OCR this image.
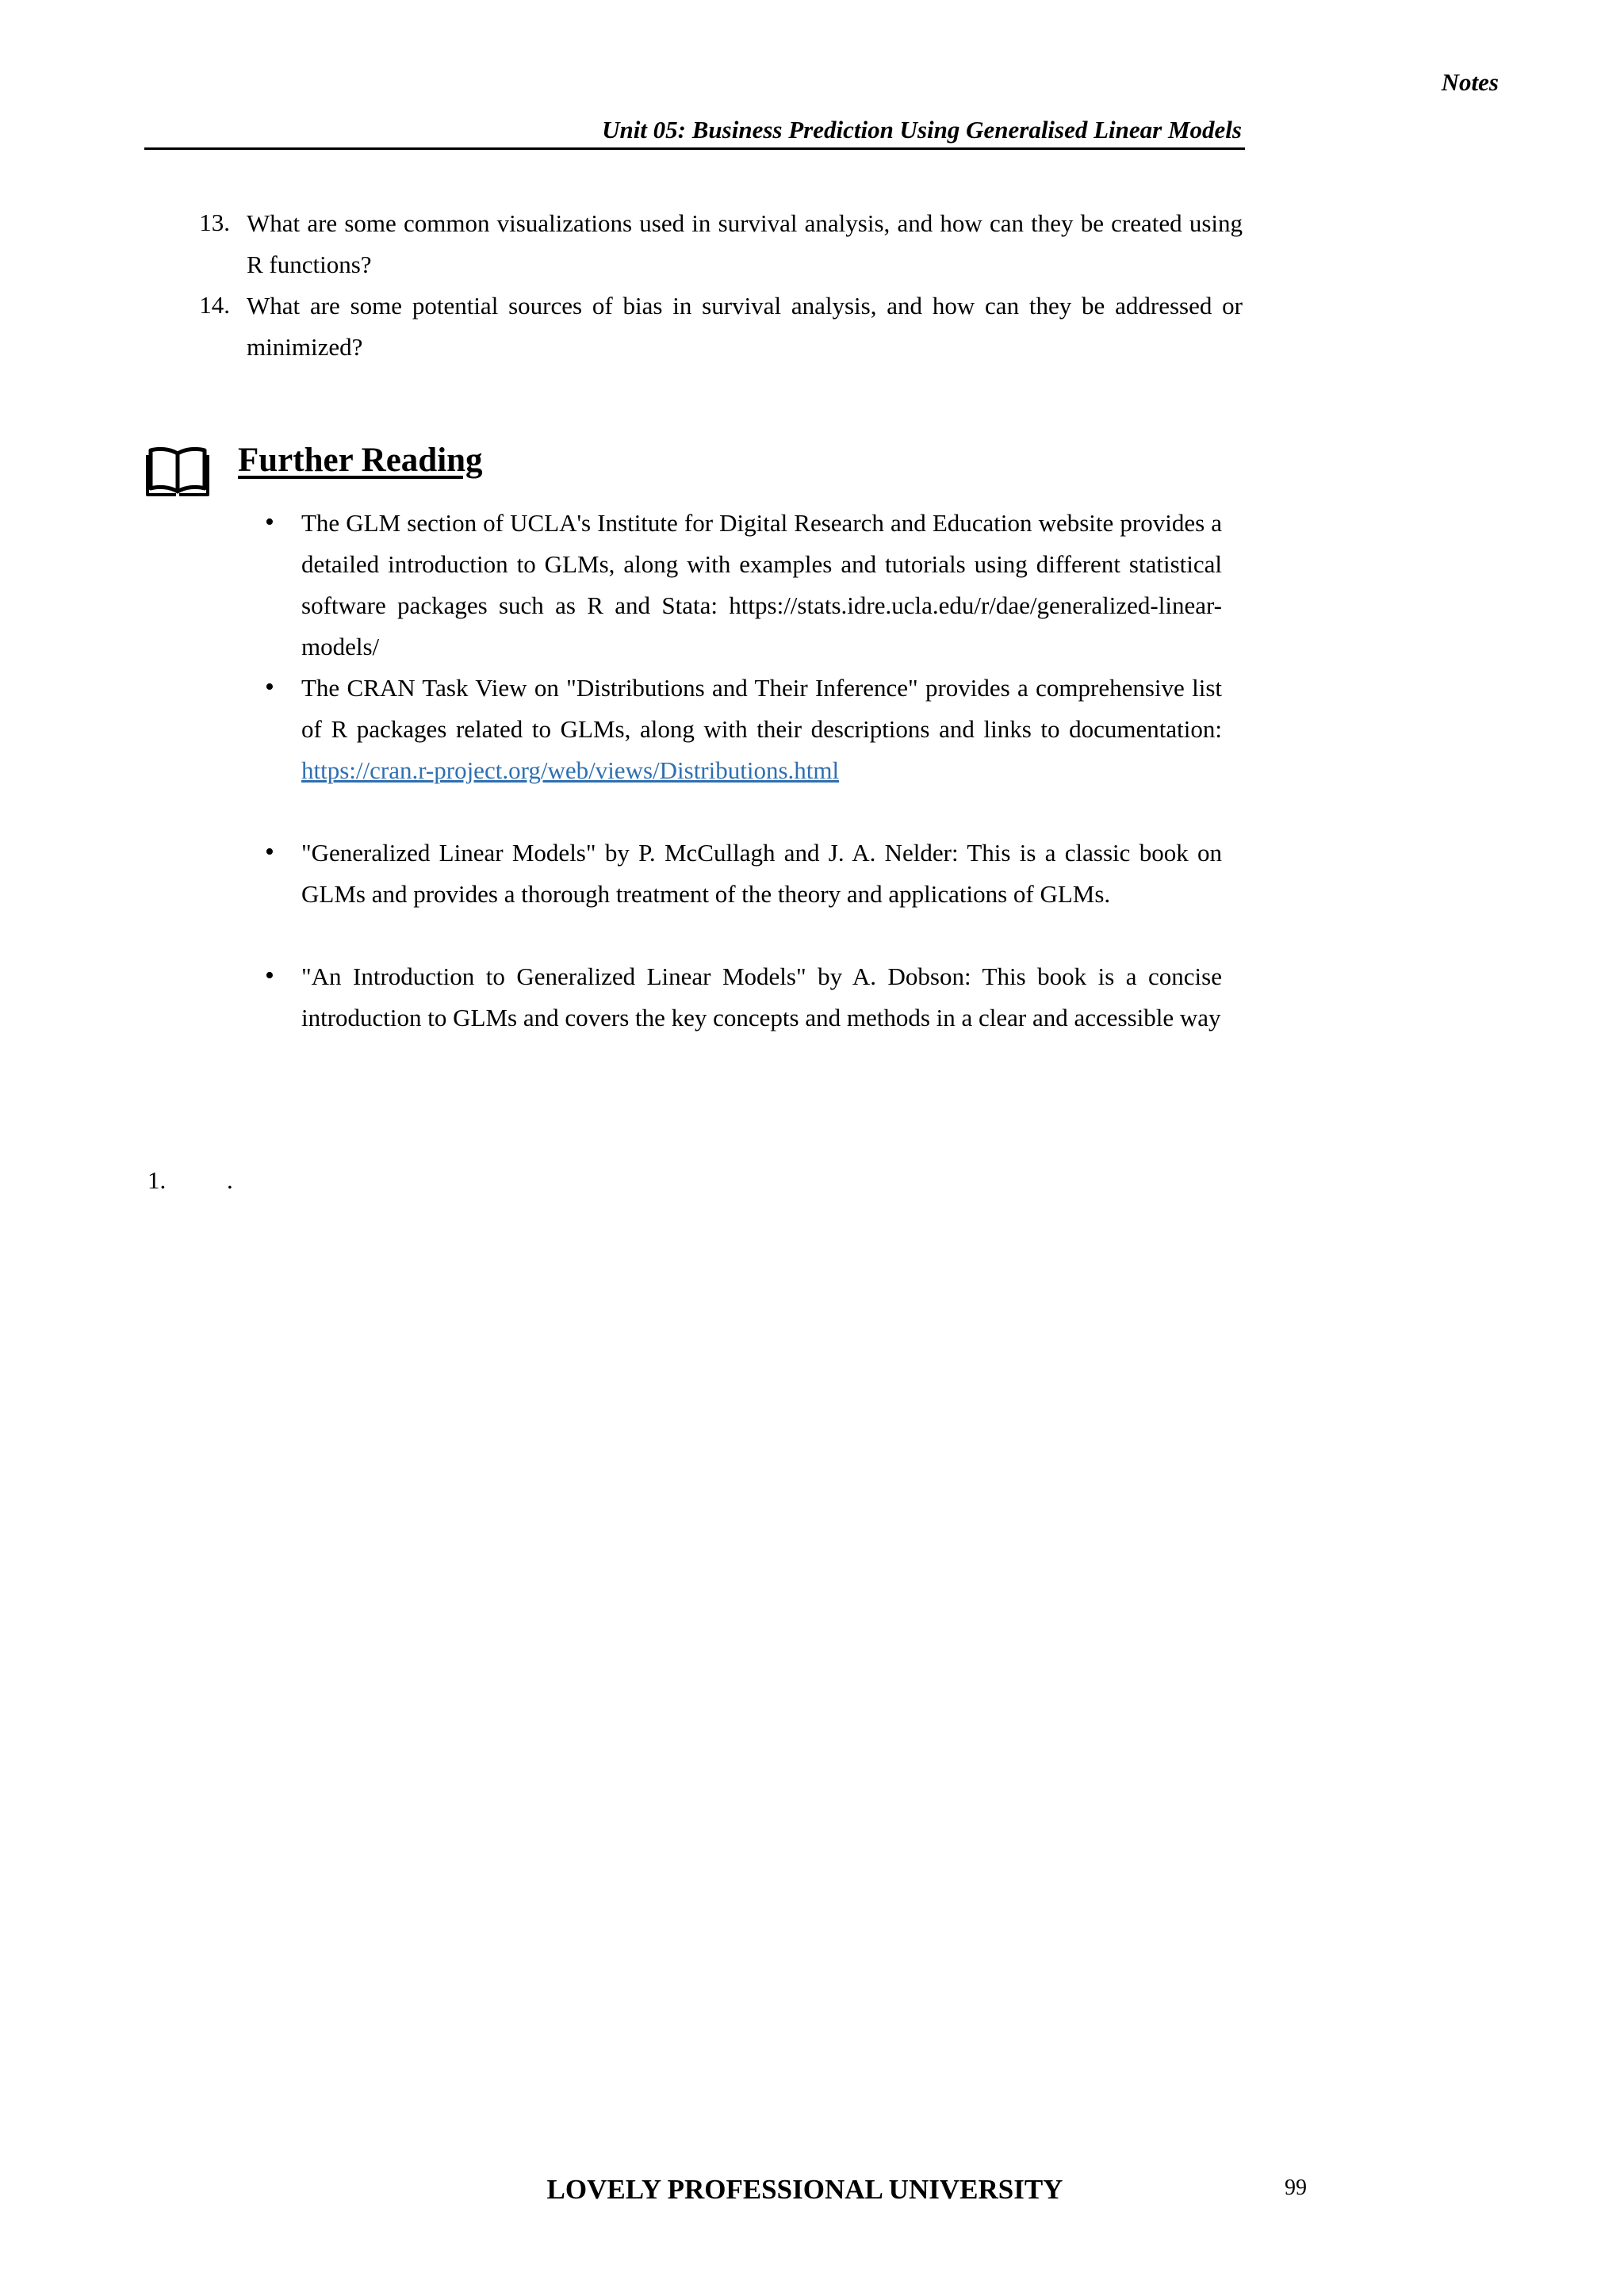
Notes
Unit 05: Business Prediction Using Generalised Linear Models
13. What are some common visualizations used in survival analysis, and how can they be created using R functions?
14. What are some potential sources of bias in survival analysis, and how can they be addressed or minimized?
Further Reading
• The GLM section of UCLA's Institute for Digital Research and Education website provides a detailed introduction to GLMs, along with examples and tutorials using different statistical software packages such as R and Stata: https://stats.idre.ucla.edu/r/dae/generalized-linear-models/
• The CRAN Task View on "Distributions and Their Inference" provides a comprehensive list of R packages related to GLMs, along with their descriptions and links to documentation: https://cran.r-project.org/web/views/Distributions.html
• "Generalized Linear Models" by P. McCullagh and J. A. Nelder: This is a classic book on GLMs and provides a thorough treatment of the theory and applications of GLMs.
• "An Introduction to Generalized Linear Models" by A. Dobson: This book is a concise introduction to GLMs and covers the key concepts and methods in a clear and accessible way
1. .
LOVELY PROFESSIONAL UNIVERSITY	99
